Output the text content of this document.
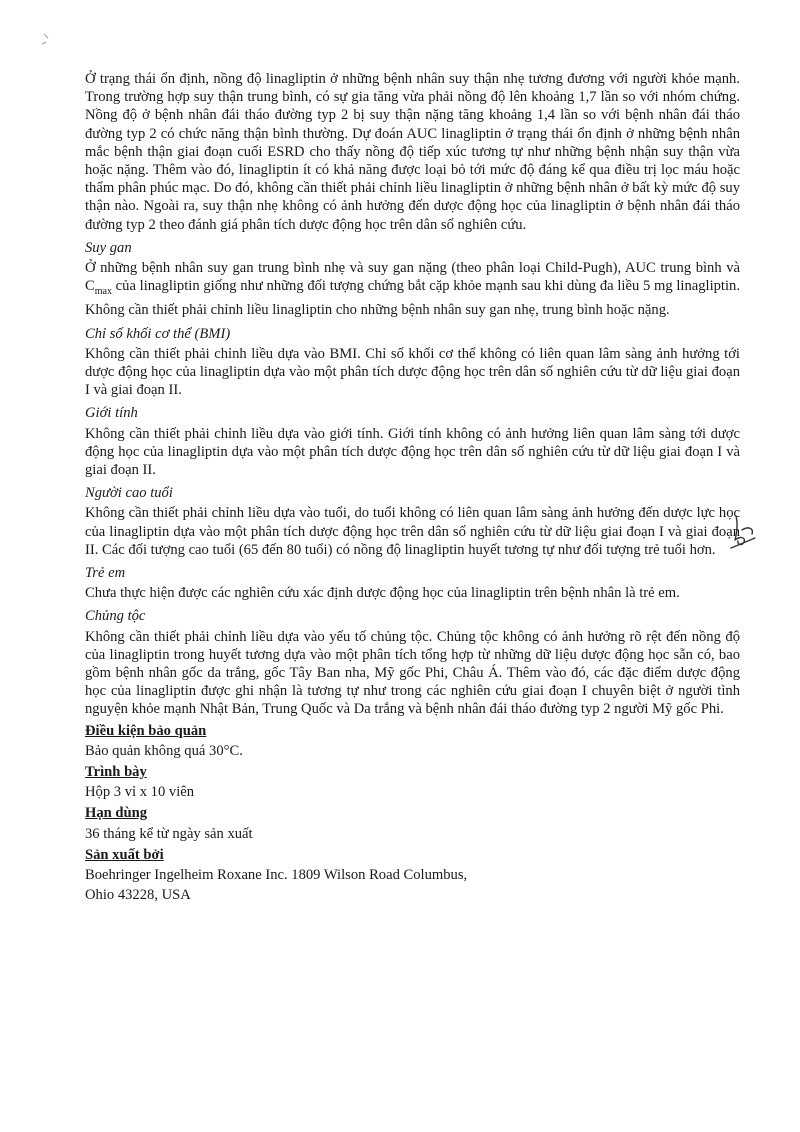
Ở trạng thái ổn định, nồng độ linagliptin ở những bệnh nhân suy thận nhẹ tương đương với người khỏe mạnh. Trong trường hợp suy thận trung bình, có sự gia tăng vừa phải nồng độ lên khoảng 1,7 lần so với nhóm chứng. Nồng độ ở bệnh nhân đái tháo đường typ 2 bị suy thận nặng tăng khoảng 1,4 lần so với bệnh nhân đái tháo đường typ 2 có chức năng thận bình thường. Dự đoán AUC linagliptin ở trạng thái ổn định ở những bệnh nhân mắc bệnh thận giai đoạn cuối ESRD cho thấy nồng độ tiếp xúc tương tự như những bệnh nhận suy thận vừa hoặc nặng. Thêm vào đó, linagliptin ít có khả năng được loại bỏ tới mức độ đáng kể qua điều trị lọc máu hoặc thẩm phân phúc mạc. Do đó, không cần thiết phải chỉnh liều linagliptin ở những bệnh nhân ở bất kỳ mức độ suy thận nào. Ngoài ra, suy thận nhẹ không có ảnh hưởng đến dược động học của linagliptin ở bệnh nhân đái tháo đường typ 2 theo đánh giá phân tích dược động học trên dân số nghiên cứu.

Suy gan

Ở những bệnh nhân suy gan trung bình nhẹ và suy gan nặng (theo phân loại Child-Pugh), AUC trung bình và $C_{max}$ của linagliptin giống như những đối tượng chứng bắt cặp khỏe mạnh sau khi dùng đa liều 5 mg linagliptin. Không cần thiết phải chỉnh liều linagliptin cho những bệnh nhân suy gan nhẹ, trung bình hoặc nặng.

Chỉ số khối cơ thể (BMI)

Không cần thiết phải chỉnh liều dựa vào BMI. Chỉ số khối cơ thể không có liên quan lâm sàng ảnh hưởng tới dược động học của linagliptin dựa vào một phân tích dược động học trên dân số nghiên cứu từ dữ liệu giai đoạn I và giai đoạn II.

Giới tính

Không cần thiết phải chỉnh liều dựa vào giới tính. Giới tính không có ảnh hưởng liên quan lâm sàng tới dược động học của linagliptin dựa vào một phân tích dược động học trên dân số nghiên cứu từ dữ liệu giai đoạn I và giai đoạn II.

Người cao tuổi

Không cần thiết phải chỉnh liều dựa vào tuổi, do tuổi không có liên quan lâm sàng ảnh hưởng đến dược lực học của linagliptin dựa vào một phân tích dược động học trên dân số nghiên cứu từ dữ liệu giai đoạn I và giai đoạn II. Các đối tượng cao tuổi (65 đến 80 tuổi) có nồng độ linagliptin huyết tương tự như đối tượng trẻ tuổi hơn.

Trẻ em

Chưa thực hiện được các nghiên cứu xác định dược động học của linagliptin trên bệnh nhân là trẻ em.

Chủng tộc

Không cần thiết phải chỉnh liều dựa vào yếu tố chủng tộc. Chủng tộc không có ảnh hưởng rõ rệt đến nồng độ của linagliptin trong huyết tương dựa vào một phân tích tổng hợp từ những dữ liệu dược động học sẵn có, bao gồm bệnh nhân gốc da trắng, gốc Tây Ban nha, Mỹ gốc Phi, Châu Á. Thêm vào đó, các đặc điểm dược động học của linagliptin được ghi nhận là tương tự như trong các nghiên cứu giai đoạn I chuyên biệt ở người tình nguyện khỏe mạnh Nhật Bản, Trung Quốc và Da trắng và bệnh nhân đái tháo đường typ 2 người Mỹ gốc Phi.

Điều kiện bảo quản
Bảo quản không quá 30°C.
Trình bày
Hộp 3 vỉ x 10 viên
Hạn dùng
36 tháng kể từ ngày sản xuất
Sản xuất bởi
Boehringer Ingelheim Roxane Inc. 1809 Wilson Road Columbus,
Ohio 43228, USA
